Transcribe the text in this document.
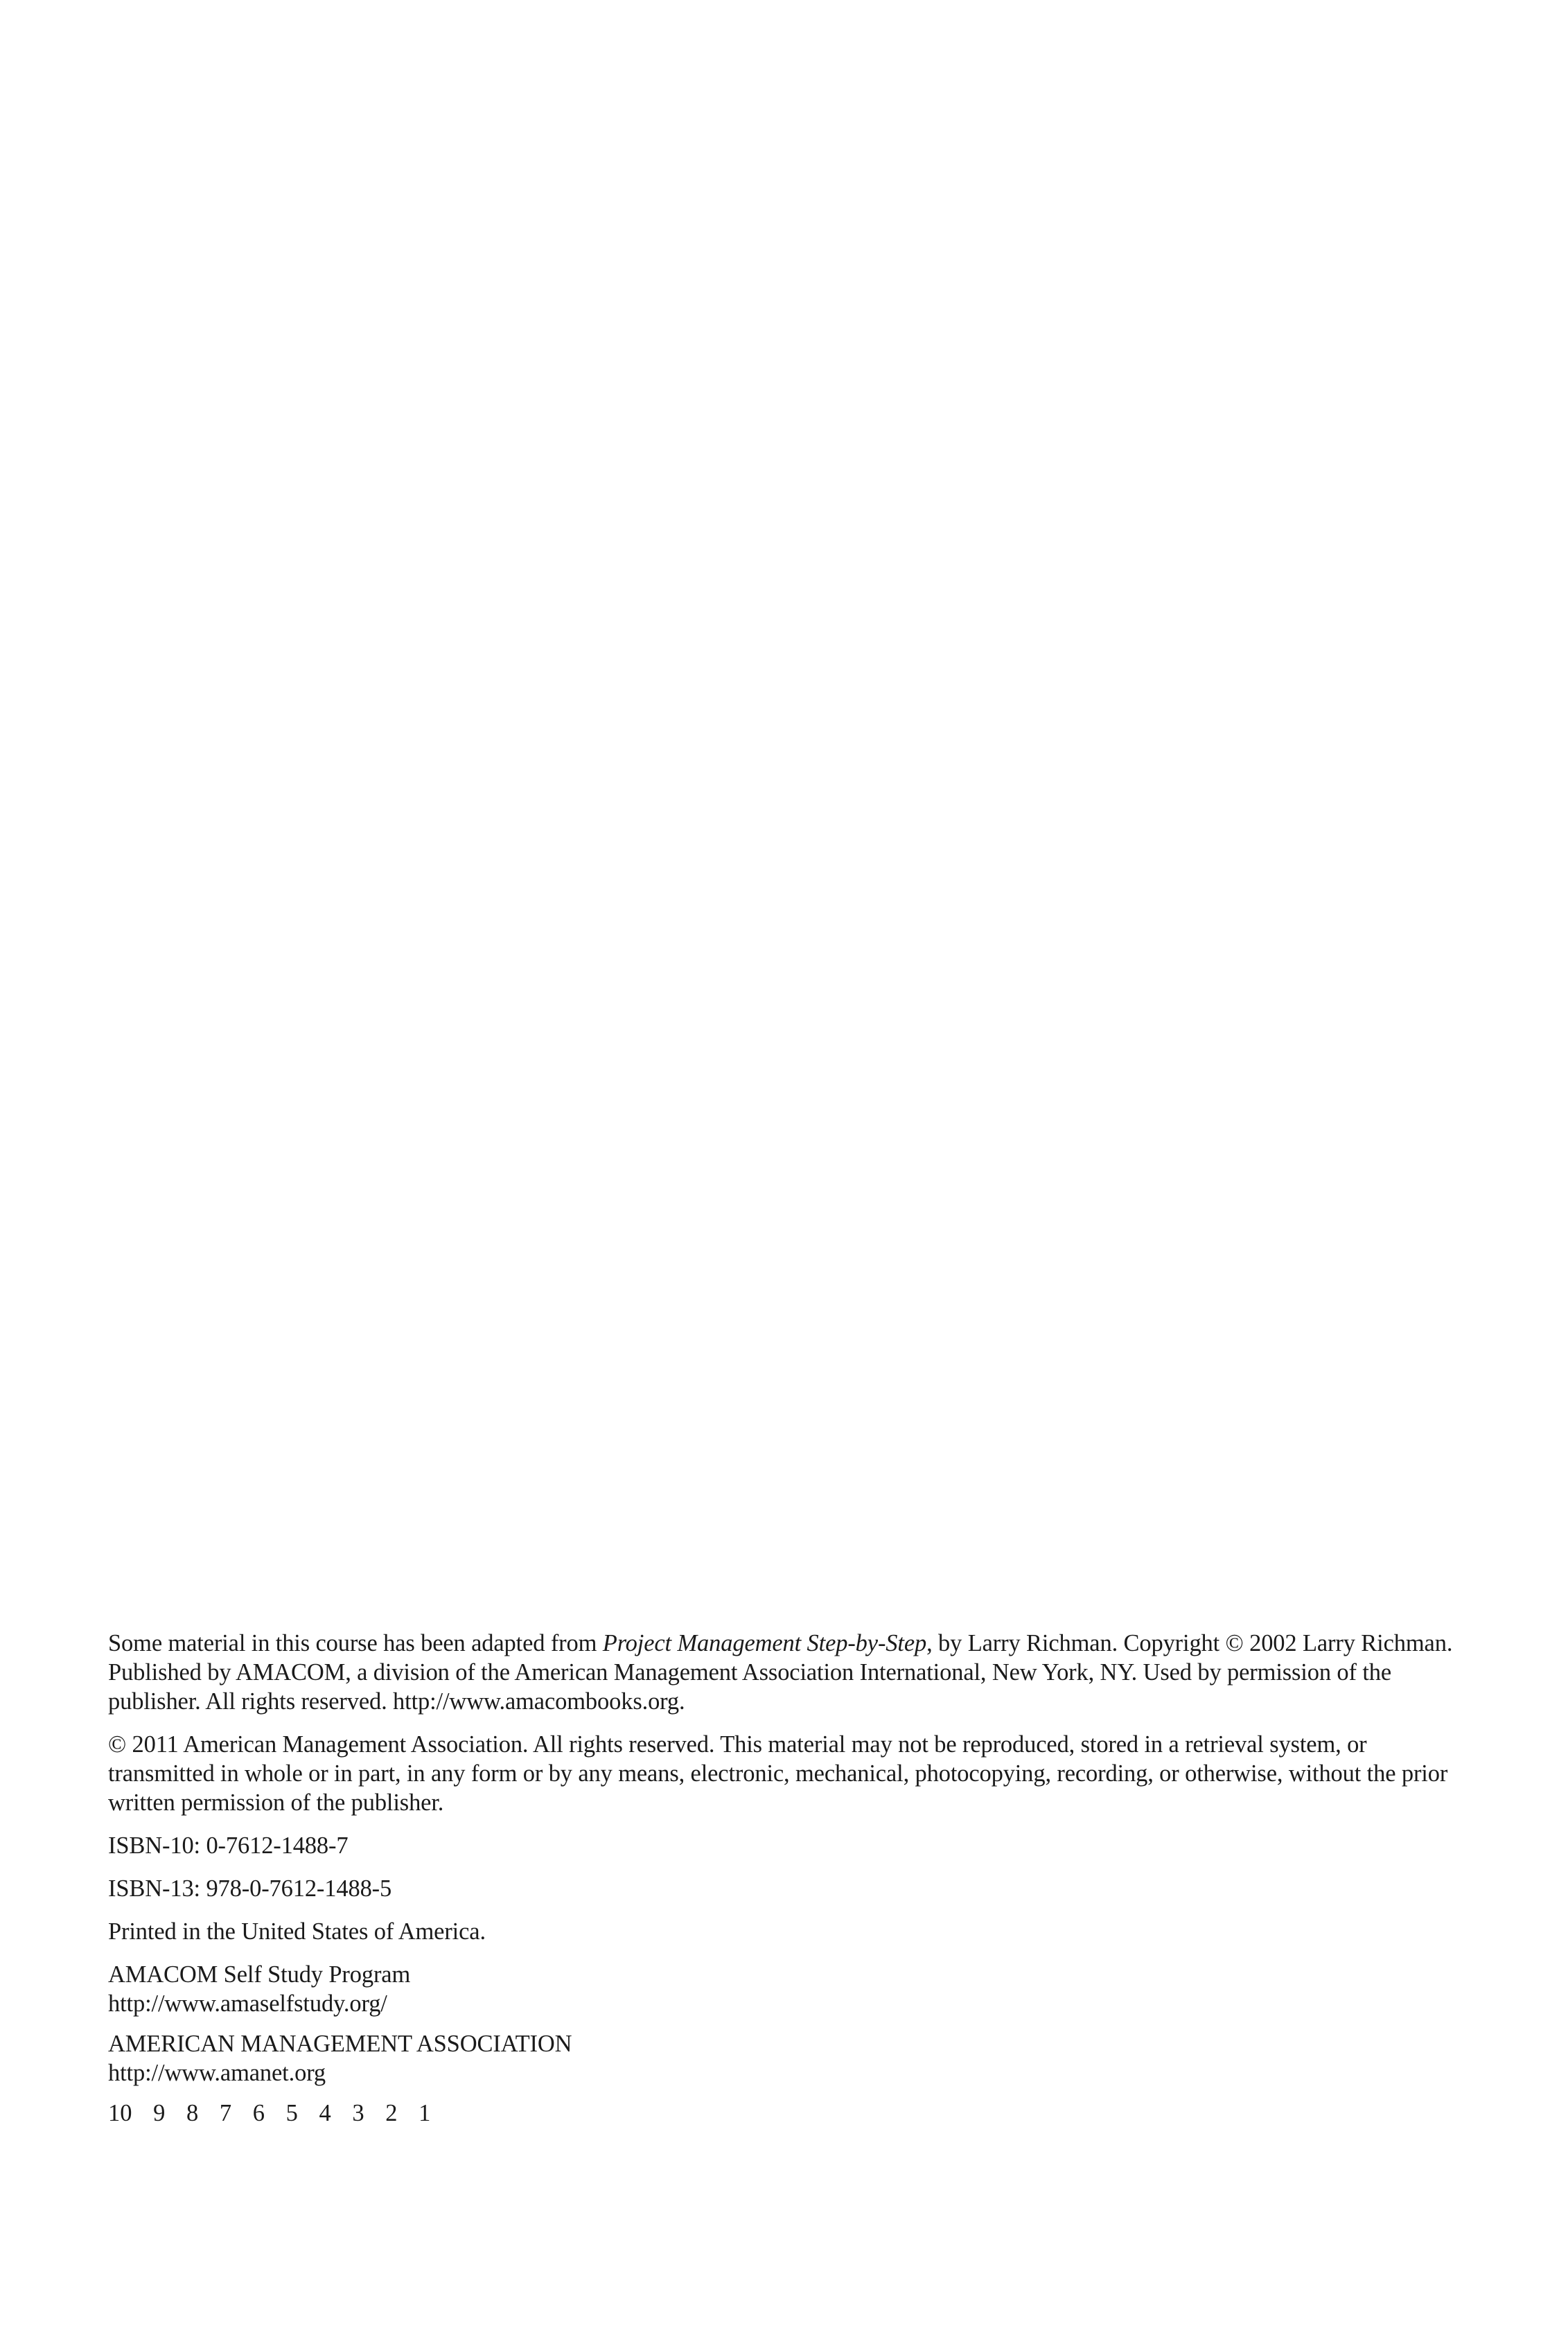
Some material in this course has been adapted from Project Management Step-by-Step, by Larry Richman. Copyright © 2002 Larry Richman. Published by AMACOM, a division of the American Management Association International, New York, NY. Used by permission of the publisher. All rights reserved. http://www.amacombooks.org.

© 2011 American Management Association. All rights reserved. This material may not be reproduced, stored in a retrieval system, or transmitted in whole or in part, in any form or by any means, electronic, mechanical, photocopying, recording, or otherwise, without the prior written permission of the publisher.

ISBN-10: 0-7612-1488-7

ISBN-13: 978-0-7612-1488-5

Printed in the United States of America.

AMACOM Self Study Program
http://www.amaselfstudy.org/

AMERICAN MANAGEMENT ASSOCIATION
http://www.amanet.org

10 9 8 7 6 5 4 3 2 1
